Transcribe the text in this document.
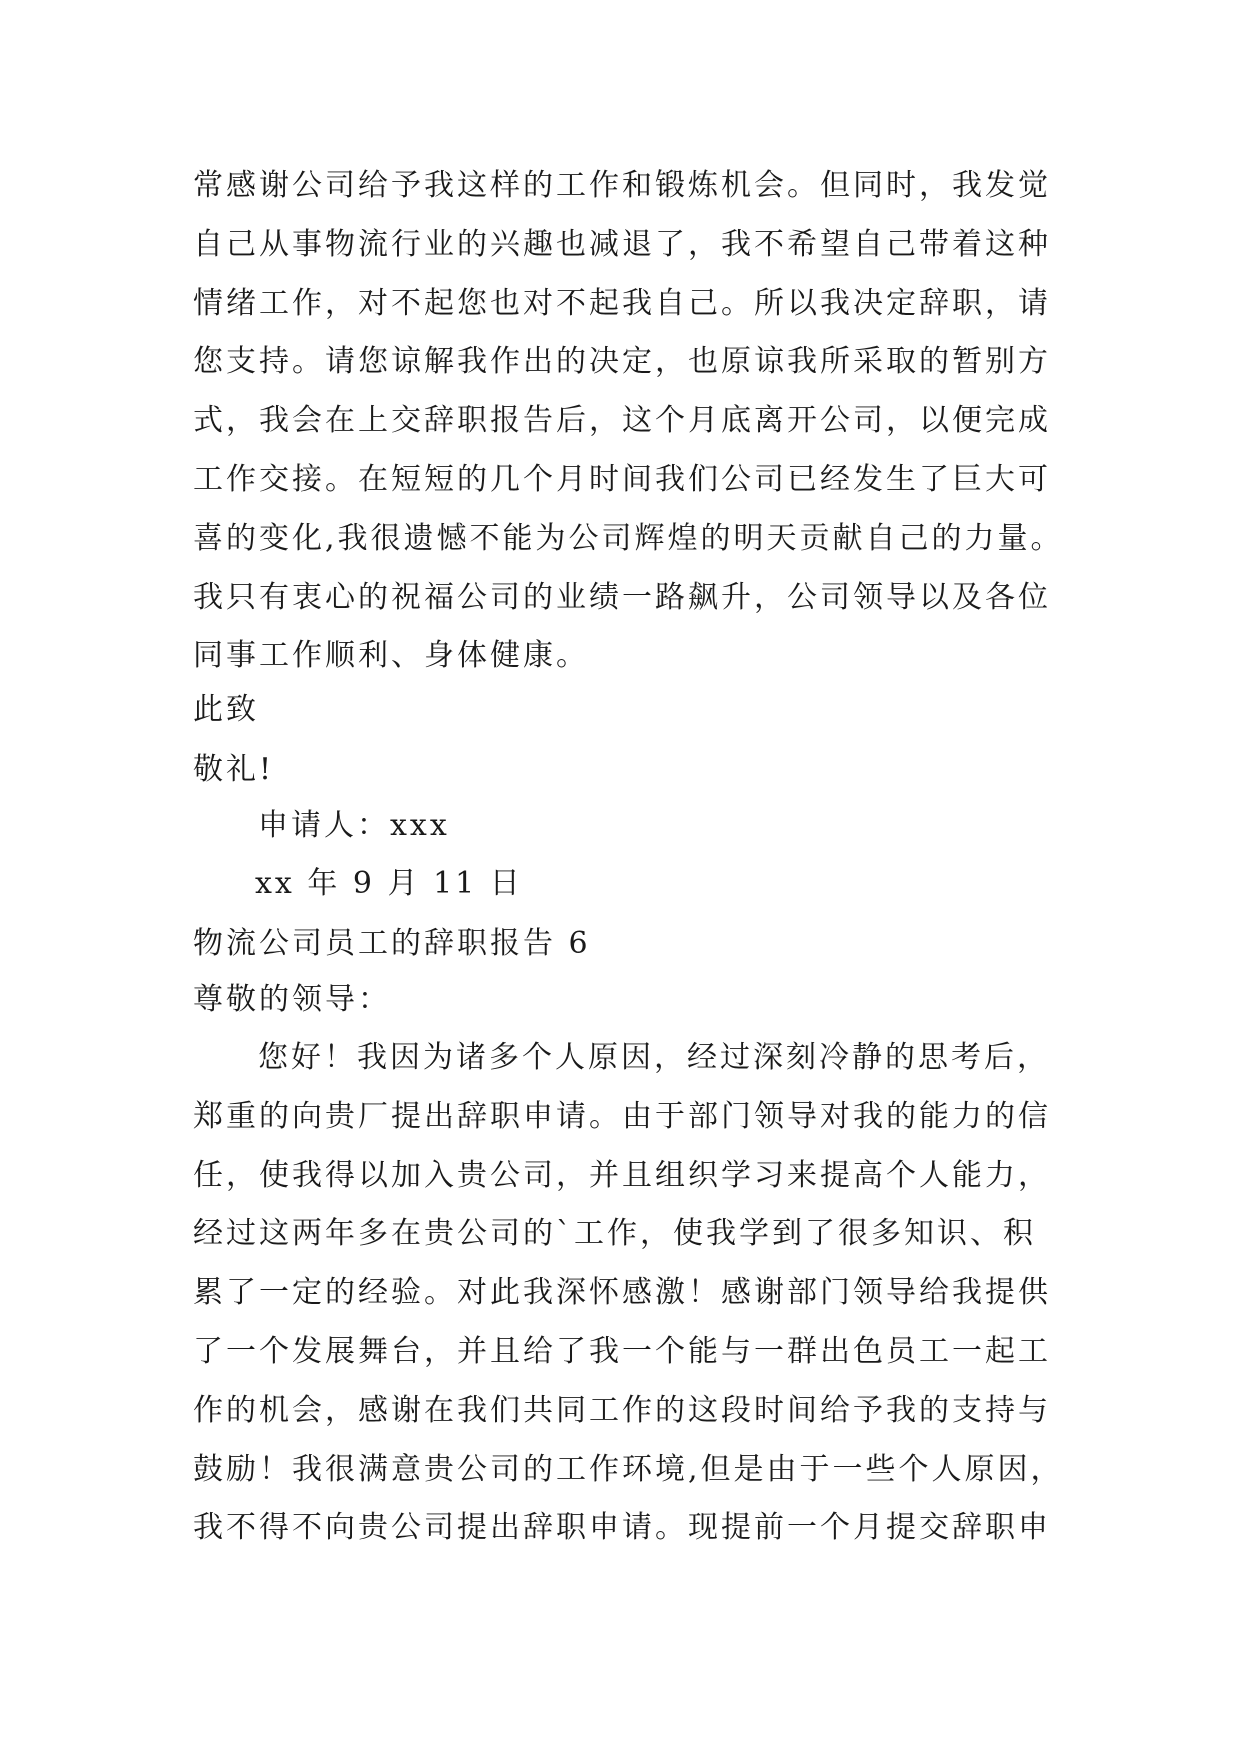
常感谢公司给予我这样的工作和锻炼机会。但同时，我发觉
自己从事物流行业的兴趣也减退了，我不希望自己带着这种
情绪工作，对不起您也对不起我自己。所以我决定辞职，请
您支持。请您谅解我作出的决定，也原谅我所采取的暂别方
式，我会在上交辞职报告后，这个月底离开公司，以便完成
工作交接。在短短的几个月时间我们公司已经发生了巨大可
喜的变化,我很遗憾不能为公司辉煌的明天贡献自己的力量。
我只有衷心的祝福公司的业绩一路飙升，公司领导以及各位
同事工作顺利、身体健康。
此致
敬礼!
申请人：xxx
xx 年 9 月 11 日
物流公司员工的辞职报告 6
尊敬的领导：
您好！我因为诸多个人原因，经过深刻冷静的思考后，
郑重的向贵厂提出辞职申请。由于部门领导对我的能力的信
任，使我得以加入贵公司，并且组织学习来提高个人能力，
经过这两年多在贵公司的`工作，使我学到了很多知识、积
累了一定的经验。对此我深怀感激！感谢部门领导给我提供
了一个发展舞台，并且给了我一个能与一群出色员工一起工
作的机会，感谢在我们共同工作的这段时间给予我的支持与
鼓励！我很满意贵公司的工作环境,但是由于一些个人原因，
我不得不向贵公司提出辞职申请。现提前一个月提交辞职申
